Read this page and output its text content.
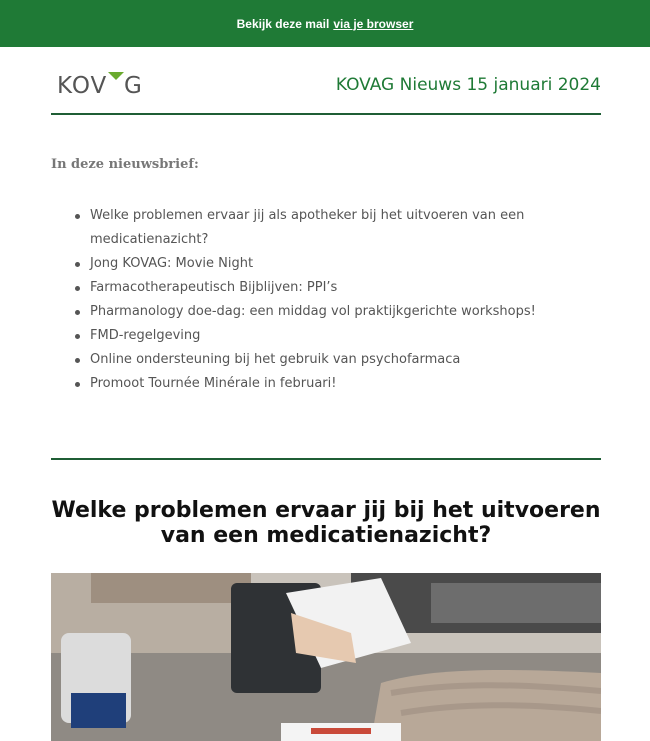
Bekijk deze mail via je browser
KOV G	KOVAG Nieuws 15 januari 2024
In deze nieuwsbrief:
Welke problemen ervaar jij als apotheker bij het uitvoeren van een medicatienazicht?
Jong KOVAG: Movie Night
Farmacotherapeutisch Bijblijven: PPI’s
Pharmanology doe-dag: een middag vol praktijkgerichte workshops!
FMD-regelgeving
Online ondersteuning bij het gebruik van psychofarmaca
Promoot Tournée Minérale in februari!
Welke problemen ervaar jij bij het uitvoeren van een medicatienazicht?
